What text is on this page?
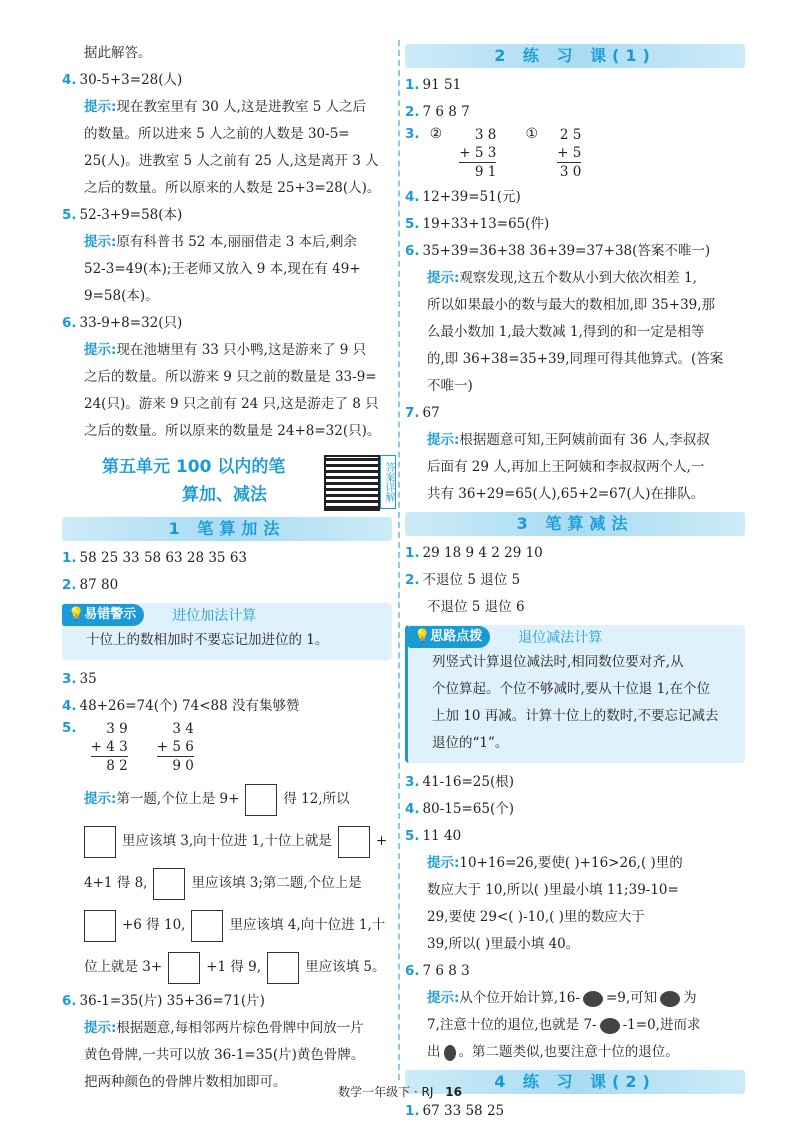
据此解答。
4. 30-5+3=28(人)
提示:现在教室里有 30 人,这是进教室 5 人之后
的数量。所以进来 5 人之前的人数是 30-5=
25(人)。进教室 5 人之前有 25 人,这是离开 3 人
之后的数量。所以原来的人数是 25+3=28(人)。
5. 52-3+9=58(本)
提示:原有科普书 52 本,丽丽借走 3 本后,剩余
52-3=49(本);王老师又放入 9 本,现在有 49+
9=58(本)。
6. 33-9+8=32(只)
提示:现在池塘里有 33 只小鸭,这是游来了 9 只
之后的数量。所以游来 9 只之前的数量是 33-9=
24(只)。游来 9 只之前有 24 只,这是游走了 8 只
之后的数量。所以原来的数量是 24+8=32(只)。
第五单元 100 以内的笔
算加、减法	答案详解
1 笔算加法
1. 58 25 33 58 63 28 35 63
2. 87 80
💡易错警示	进位加法计算
十位上的数相加时不要忘记加进位的 1。
3. 35
4. 48+26=74(个) 74<88 没有集够赞
$^{5.}$	3 9
+ 4 3
8 2

3 4
+ 5 6
9 0
提示:第一题,个位上是 9+	得 12,所以
里应该填 3,向十位进 1,十位上就是	+
4+1 得 8,	里应该填 3;第二题,个位上是
+6 得 10,	里应该填 4,向十位进 1,十
位上就是 3+	+1 得 9,	里应该填 5。
6. 36-1=35(片) 35+36=71(片)
提示:根据题意,每相邻两片棕色骨牌中间放一片
黄色骨牌,一共可以放 36-1=35(片)黄色骨牌。
把两种颜色的骨牌片数相加即可。
2 练 习 课(1)
1. 91 51
2. 7 6 8 7
$^{3.}$ ②	3 8
+ 5 3
9 1
① 2 5
+ 5
3 0
4. 12+39=51(元)
5. 19+33+13=65(件)
6. 35+39=36+38 36+39=37+38(答案不唯一)
提示:观察发现,这五个数从小到大依次相差 1,
所以如果最小的数与最大的数相加,即 35+39,那
么最小数加 1,最大数减 1,得到的和一定是相等
的,即 36+38=35+39,同理可得其他算式。(答案
不唯一)
7. 67
提示:根据题意可知,王阿姨前面有 36 人,李叔叔
后面有 29 人,再加上王阿姨和李叔叔两个人,一
共有 36+29=65(人),65+2=67(人)在排队。
3 笔算减法
1. 29 18 9 4 2 29 10
2. 不退位 5 退位 5
不退位 5 退位 6
💡思路点拨	退位减法计算
列竖式计算退位减法时,相同数位要对齐,从
个位算起。个位不够减时,要从十位退 1,在个位
上加 10 再减。计算十位上的数时,不要忘记减去
退位的“1”。
3. 41-16=25(根)
4. 80-15=65(个)
5. 11 40
提示:10+16=26,要使( )+16>26,( )里的
数应大于 10,所以( )里最小填 11;39-10=
29,要使 29<( )-10,( )里的数应大于
39,所以( )里最小填 40。
6. 7 6 8 3
提示:从个位开始计算,16- =9,可知 为
7,注意十位的退位,也就是 7- -1=0,进而求
出 。第二题类似,也要注意十位的退位。
4 练 习 课(2)
1. 67 33 58 25
数学一年级下 · RJ 16
